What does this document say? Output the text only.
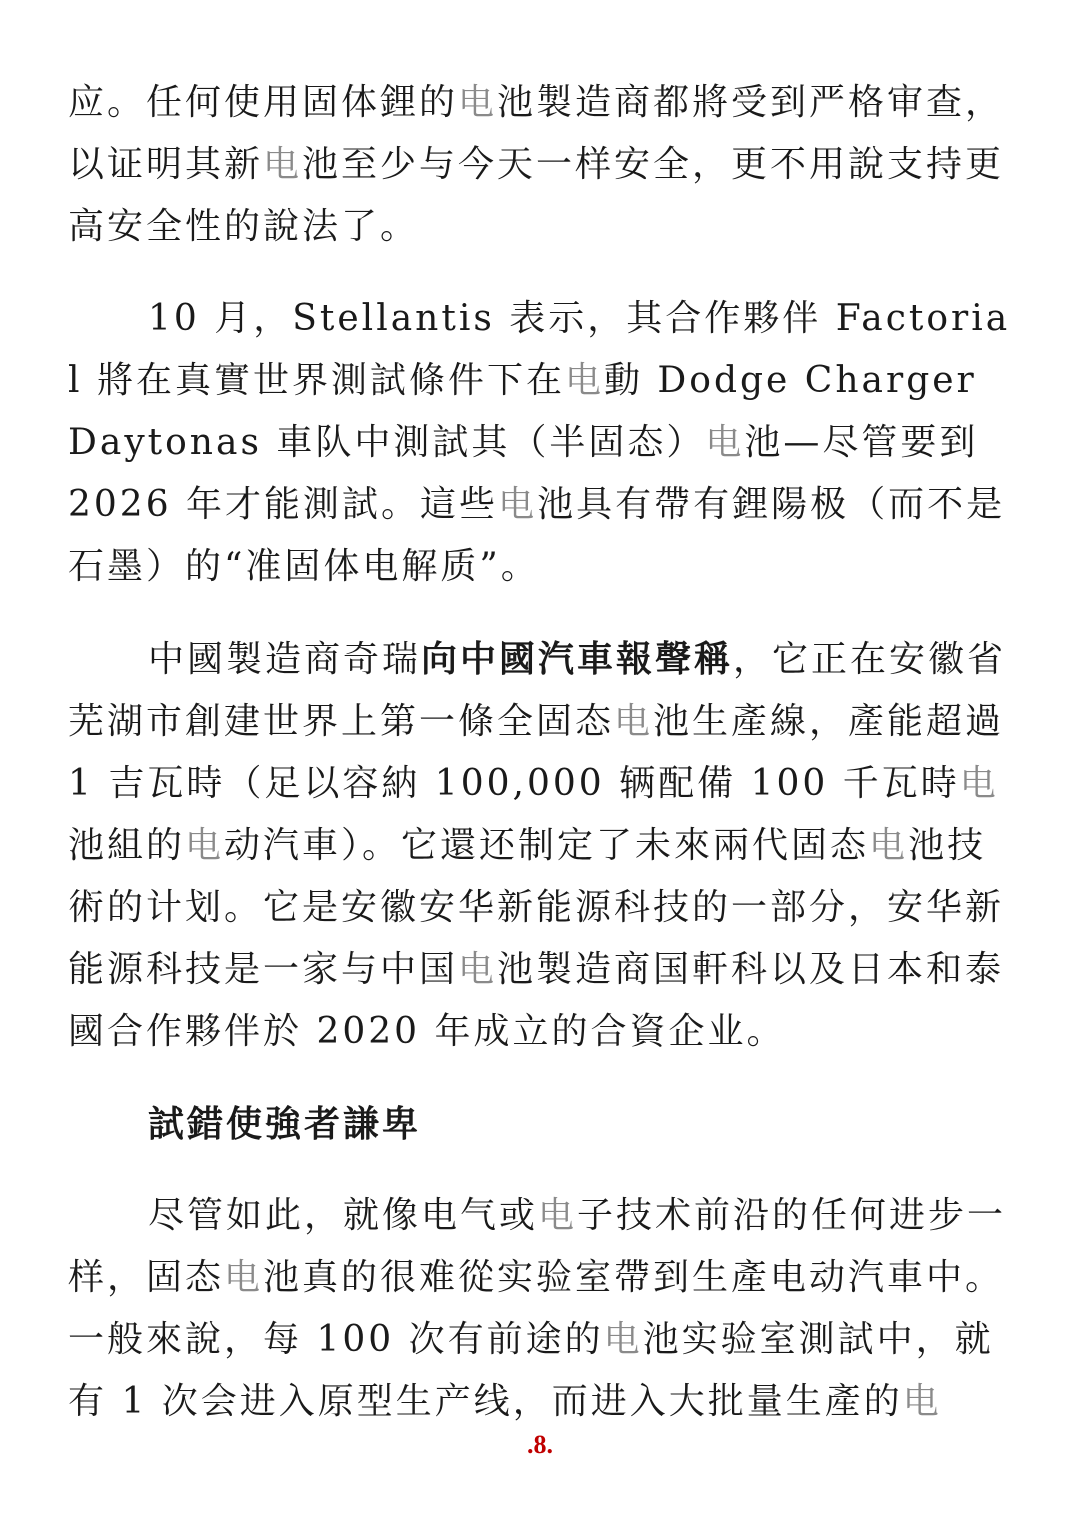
应。任何使用固体鋰的电池製造商都將受到严格审查，以证明其新电池至少与今天一样安全，更不用說支持更高安全性的說法了。

10 月，Stellantis 表示，其合作夥伴 Factorial 將在真實世界測試條件下在电動 Dodge Charger Daytonas 車队中測試其（半固态）电池—尽管要到 2026 年才能測試。這些电池具有帶有鋰陽极（而不是石墨）的“准固体电解质”。

中國製造商奇瑞向中國汽車報聲稱，它正在安徽省芜湖市創建世界上第一條全固态电池生產線，產能超過 1 吉瓦時（足以容納 100,000 辆配備 100 千瓦時电池組的电动汽車）。它還还制定了未來兩代固态电池技術的计划。它是安徽安华新能源科技的一部分，安华新能源科技是一家与中国电池製造商国軒科以及日本和泰國合作夥伴於 2020 年成立的合資企业。

試錯使強者謙卑

尽管如此，就像电气或电子技术前沿的任何进步一样，固态电池真的很难從实验室帶到生產电动汽車中。一般來說，每 100 次有前途的电池实验室測試中，就有 1 次会进入原型生产线，而进入大批量生產的电

.8.
